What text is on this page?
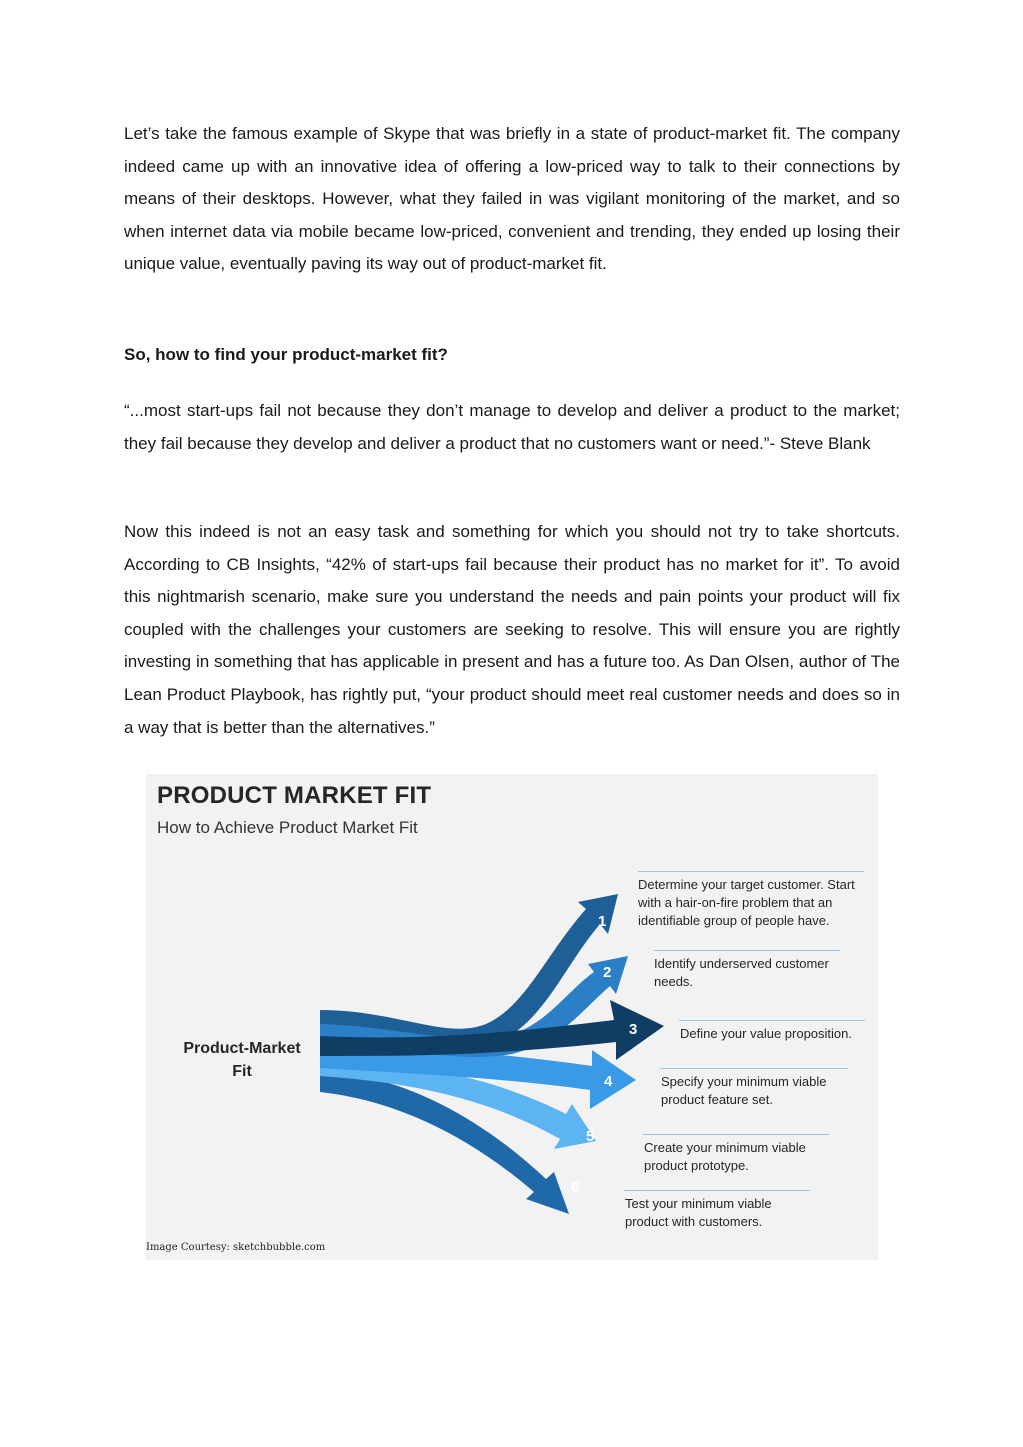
Let’s take the famous example of Skype that was briefly in a state of product-market fit. The company indeed came up with an innovative idea of offering a low-priced way to talk to their connections by means of their desktops. However, what they failed in was vigilant monitoring of the market, and so when internet data via mobile became low-priced, convenient and trending, they ended up losing their unique value, eventually paving its way out of product-market fit.

So, how to find your product-market fit?

“...most start-ups fail not because they don’t manage to develop and deliver a product to the market; they fail because they develop and deliver a product that no customers want or need.”- Steve Blank

Now this indeed is not an easy task and something for which you should not try to take shortcuts. According to CB Insights, “42% of start-ups fail because their product has no market for it”. To avoid this nightmarish scenario, make sure you understand the needs and pain points your product will fix coupled with the challenges your customers are seeking to resolve. This will ensure you are rightly investing in something that has applicable in present and has a future too. As Dan Olsen, author of The Lean Product Playbook, has rightly put, “your product should meet real customer needs and does so in a way that is better than the alternatives.”

PRODUCT MARKET FIT
How to Achieve Product Market Fit
Product-Market
Fit
1
2
3
4
5
6
Determine your target customer. Start
with a hair-on-fire problem that an
identifiable group of people have.
Identify underserved customer
needs.
Define your value proposition.
Specify your minimum viable
product feature set.
Create your minimum viable
product prototype.
Test your minimum viable
product with customers.
Image Courtesy: sketchbubble.com
